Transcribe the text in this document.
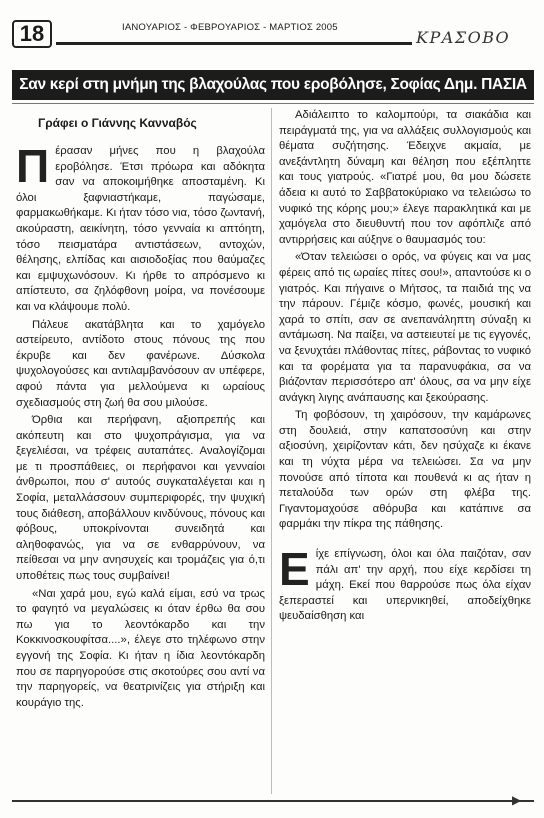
18	ΙΑΝΟΥΑΡΙΟΣ - ΦΕΒΡΟΥΑΡΙΟΣ - ΜΑΡΤΙΟΣ 2005
ΚΡΑΣΟΒΟ
Σαν κερί στη μνήμη της βλαχούλας που εροβόλησε, Σοφίας Δημ. ΠΑΣΙΑ
Γράφει ο Γιάννης Κανναβός

Πέρασαν μήνες που η βλαχούλα εροβόλησε. Έτσι πρόωρα και αδόκητα σαν να αποκοιμήθηκε αποσταμένη. Κι όλοι ξαφνιαστήκαμε, παγώσαμε, φαρμακωθήκαμε. Κι ήταν τόσο νια, τόσο ζωντανή, ακούραστη, αεικίνητη, τόσο γενναία κι απτόητη, τόσο πεισματάρα αντιστάσεων, αντοχών, θέλησης, ελπίδας και αισιοδοξίας που θαύμαζες και εμψυχωνόσουν. Κι ήρθε το απρόσμενο κι απίστευτο, σα ζηλόφθονη μοίρα, να πονέσουμε και να κλάψουμε πολύ.

Πάλευε ακατάβλητα και το χαμόγελο αστείρευτο, αντίδοτο στους πόνους της που έκρυβε και δεν φανέρωνε. Δύσκολα ψυχολογούσες και αντιλαμβανόσουν αν υπέφερε, αφού πάντα για μελλούμενα κι ωραίους σχεδιασμούς στη ζωή θα σου μιλούσε.

Όρθια και περήφανη, αξιοπρεπής και ακόπευτη και στο ψυχοπράγισμα, για να ξεγελιέσαι, να τρέφεις αυταπάτες. Αναλογίζομαι με τι προσπάθειες, οι περήφανοι και γενναίοι άνθρωποι, που σ' αυτούς συγκαταλέγεται και η Σοφία, μεταλλάσσουν συμπεριφορές, την ψυχική τους διάθεση, αποβάλλουν κινδύνους, πόνους και φόβους, υποκρίνονται συνειδητά και αληθοφανώς, για να σε ενθαρρύνουν, να πείθεσαι να μην ανησυχείς και τρομάζεις για ό,τι υποθέτεις πως τους συμβαίνει!

«Ναι χαρά μου, εγώ καλά είμαι, εσύ να τρως το φαγητό να μεγαλώσεις κι όταν έρθω θα σου πω για το λεοντόκαρδο και την Κοκκινοσκουφίτσα....», έλεγε στο τηλέφωνο στην εγγονή της Σοφία. Κι ήταν η ίδια λεοντόκαρδη που σε παρηγορούσε στις σκοτούρες σου αντί να την παρηγορείς, να θεατρινίζεις για στήριξη και κουράγιο της.

Αδιάλειπτο το καλομπούρι, τα σιακάδια και πειράγματά της, για να αλλάξεις συλλογισμούς και θέματα συζήτησης. Έδειχνε ακμαία, με ανεξάντλητη δύναμη και θέληση που εξέπληττε και τους γιατρούς. «Γιατρέ μου, θα μου δώσετε άδεια κι αυτό το Σαββατοκύριακο να τελειώσω το νυφικό της κόρης μου;» έλεγε παρακλητικά και με χαμόγελα στο διευθυντή που τον αφόπλιζε από αντιρρήσεις και αύξηνε ο θαυμασμός του:

«Όταν τελειώσει ο ορός, να φύγεις και να μας φέρεις από τις ωραίες πίτες σου!», απαντούσε κι ο γιατρός. Και πήγαινε ο Μήτσος, τα παιδιά της να την πάρουν. Γέμιζε κόσμο, φωνές, μουσική και χαρά το σπίτι, σαν σε ανεπανάληπτη σύναξη κι αντάμωση. Να παίξει, να αστειευτεί με τις εγγονές, να ξενυχτάει πλάθοντας πίτες, ράβοντας το νυφικό και τα φορέματα για τα παρανυφάκια, σα να βιάζονταν περισσότερο απ' όλους, σα να μην είχε ανάγκη λιγης ανάπαυσης και ξεκούρασης.

Τη φοβόσουν, τη χαιρόσουν, την καμάρωνες στη δουλειά, στην καπατσοσύνη και στην αξιοσύνη, χειρίζονταν κάτι, δεν ησύχαζε κι έκανε και τη νύχτα μέρα να τελειώσει. Σα να μην πονούσε από τίποτα και πουθενά κι ας ήταν η πεταλούδα των ορών στη φλέβα της. Γιγαντομαχούσε αθόρυβα και κατάπινε σα φαρμάκι την πίκρα της πάθησης.

Είχε επίγνωση, όλοι και όλα παιζόταν, σαν πάλι απ' την αρχή, που είχε κερδίσει τη μάχη. Εκεί που θαρρούσε πως όλα είχαν ξεπεραστεί και υπερνικηθεί, αποδείχθηκε ψευδαίσθηση και

▶
